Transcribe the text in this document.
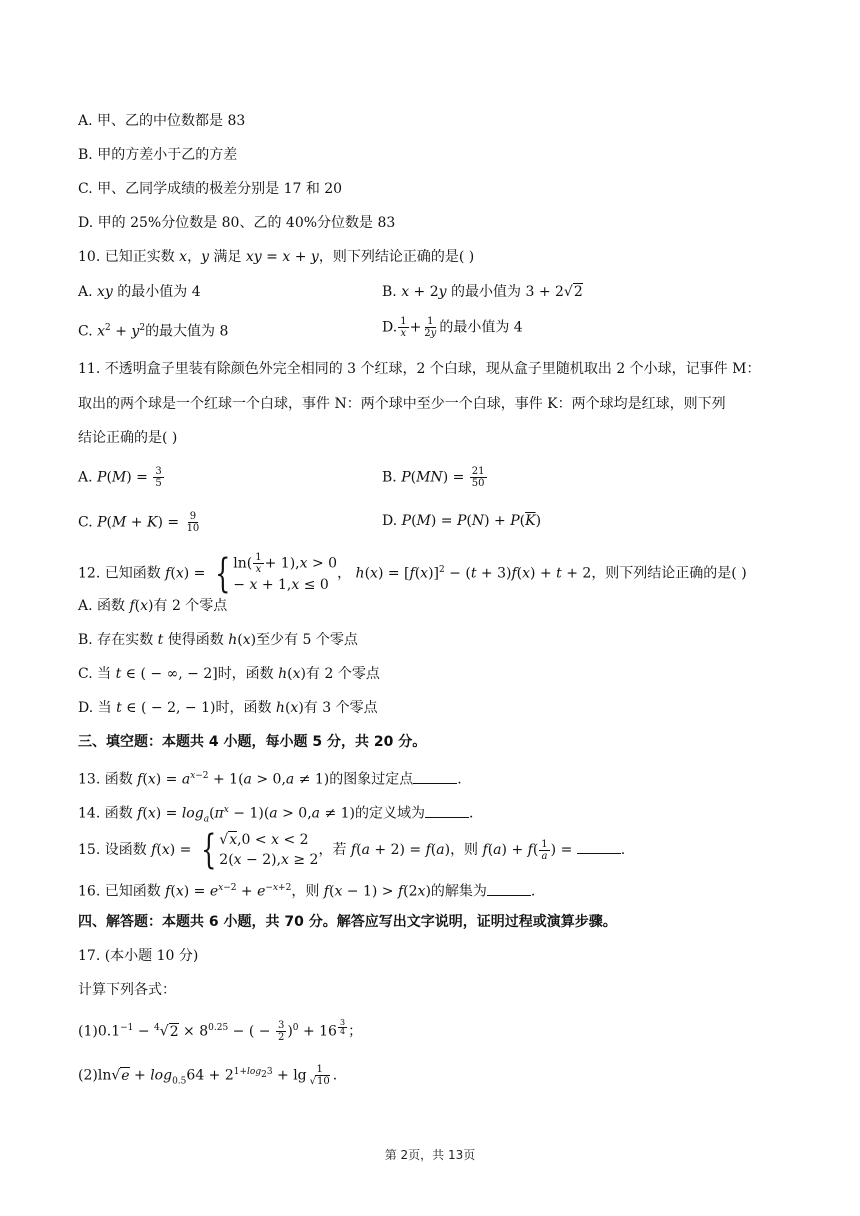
A. 甲、乙的中位数都是 83
B. 甲的方差小于乙的方差
C. 甲、乙同学成绩的极差分别是 17 和 20
D. 甲的 25%分位数是 80、乙的 40%分位数是 83
10. 已知正实数 x，y 满足 xy = x + y，则下列结论正确的是( )
A. xy 的最小值为 4	B. x + 2y 的最小值为 3 + 2√2
C. $x^2 + y^2$的最大值为 8	D. $\frac{1}{x} + \frac{1}{2y}$ 的最小值为 4
11. 不透明盒子里装有除颜色外完全相同的 3 个红球，2 个白球，现从盒子里随机取出 2 个小球，记事件 M：
取出的两个球是一个红球一个白球，事件 N：两个球中至少一个白球，事件 K：两个球均是红球，则下列
结论正确的是( )
A. $P(M) = \frac{3}{5}$	B. $P(MN) = \frac{21}{50}$
C. $P(M + K) = \frac{9}{10}$	D. $P(M) = P(N) + P(\overline{K})$
12. 已知函数 f(x) = { $\ln( \frac{1}{x} + 1),x > 0$
− x + 1,x ≤ 0
， $h(x) = [f(x)]^2 - (t + 3)f(x) + t + 2$，则下列结论正确的是( )
A. 函数 f(x)有 2 个零点
B. 存在实数 t 使得函数 h(x)至少有 5 个零点
C. 当 t ∈ ( − ∞, − 2]时，函数 h(x)有 2 个零点
D. 当 t ∈ ( − 2, − 1)时，函数 h(x)有 3 个零点
三、填空题：本题共 4 小题，每小题 5 分，共 20 分。
13. 函数 $f(x) = a^{x-2} + 1(a > 0,a \ne 1)$的图象过定点	.
14. 函数 $f(x) = \log_a(\pi^x - 1)(a > 0,a \ne 1)$的定义域为	.
15. 设函数 f(x) = { √x,0 < x < 2
2(x − 2),x ≥ 2
，若 f(a + 2) = f(a)，则 $f(a) + f( \frac{1}{a}$ ) =	.
16. 已知函数 $f(x) = e^{x-2} + e^{-x+2}$，则 f(x − 1) > f(2x)的解集为	.
四、解答题：本题共 6 小题，共 70 分。解答应写出文字说明，证明过程或演算步骤。
17. (本小题 10 分)
计算下列各式：
$(1)0.1^{-1} - ^4√2 \times 8^{0.25}$ − ( − $\frac{3}{2} )^0 + 16$ $^{\frac{3}{4}}$ ；
$(2)\ln√e + \log_{0.5}64 + 2^{1+log_23} + \lg \frac{1}{√10}$ .
第 2页，共 13页
